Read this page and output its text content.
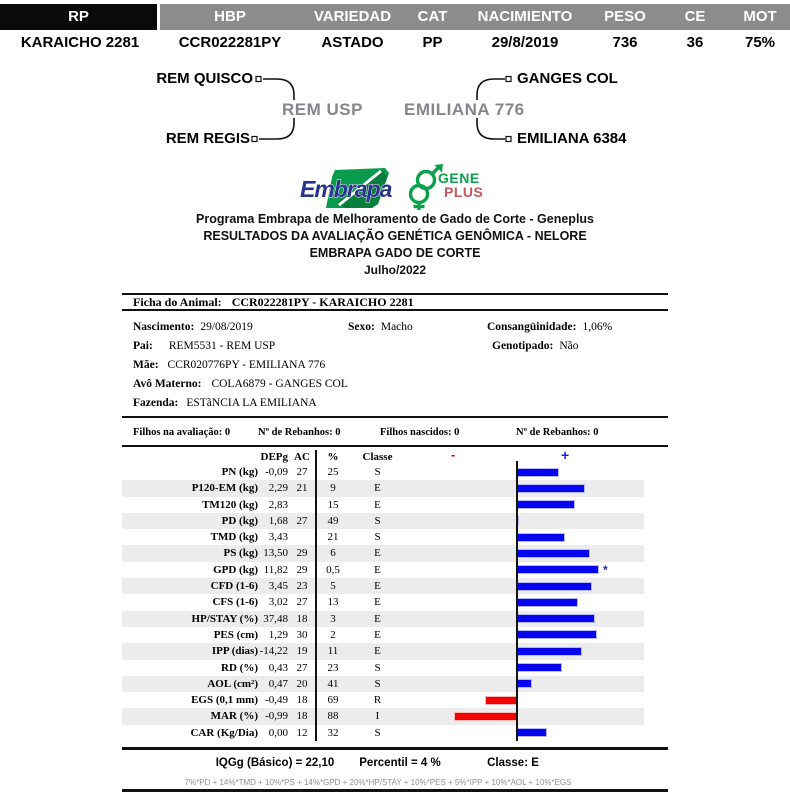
RP	HBP	VARIEDAD	CAT	NACIMIENTO	PESO	CE	MOT
KARAICHO 2281	CCR022281PY	ASTADO	PP	29/8/2019	736	36	75%
REM QUISCO
REM REGIS
REM USP EMILIANA 776
GANGES COL
EMILIANA 6384
Embrapa	GENE
PLUS
Programa Embrapa de Melhoramento de Gado de Corte - Geneplus
RESULTADOS DA AVALIAÇÃO GENÉTICA GENÔMICA - NELORE
EMBRAPA GADO DE CORTE
Julho/2022
Ficha do Animal: CCR022281PY - KARAICHO 2281
Nascimento: 29/08/2019	Sexo: Macho	Consangüinidade: 1,06%
Pai: REM5531 - REM USP	Genotipado: Não
Mãe: CCR020776PY - EMILIANA 776
Avô Materno: COLA6879 - GANGES COL
Fazenda: ESTãNCIA LA EMILIANA
Filhos na avaliação: 0	Nº de Rebanhos: 0	Filhos nascidos: 0	Nº de Rebanhos: 0
DEPg AC	%	Classe	-	+
PN (kg) -0,09 27	25	S
P120-EM (kg) 2,29 21	9	E
TM120 (kg) 2,83	15	E
PD (kg) 1,68 27	49	S
TMD (kg) 3,43	21	S
PS (kg) 13,50 29	6	E
GPD (kg) 11,82 29	0,5	E	*
CFD (1-6) 3,45 23	5	E
CFS (1-6) 3,02 27	13	E
HP/STAY (%) 37,48 18	3	E
PES (cm) 1,29 30	2	E
IPP (dias) -14,22 19	11	E
RD (%) 0,43 27	23	S
AOL (cm²) 0,47 20	41	S
EGS (0,1 mm) -0,49 18	69	R
MAR (%) -0,99 18	88	I
CAR (Kg/Dia) 0,00 12	32	S
IQGg (Básico) = 22,10 Percentil = 4 %	Classe: E
7%*PD + 14%*TMD + 10%*PS + 14%*GPD + 20%*HP/STAY + 10%*PES + 5%*IPP + 10%*AOL + 10%*EGS
